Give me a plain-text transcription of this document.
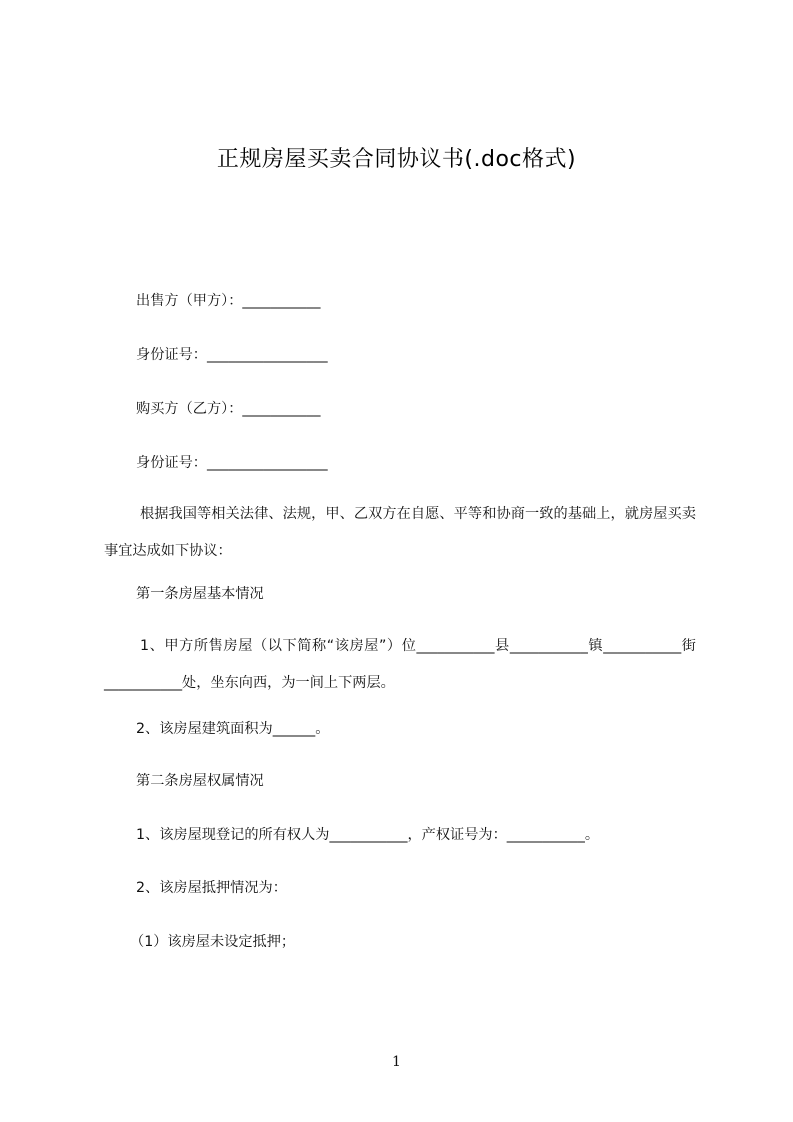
正规房屋买卖合同协议书(.doc格式)
出售方（甲方）：___________
身份证号：_________________
购买方（乙方）：___________
身份证号：_________________
根据我国等相关法律、法规，甲、乙双方在自愿、平等和协商一致的基础上，就房屋买卖事宜达成如下协议：
第一条房屋基本情况
1、甲方所售房屋（以下简称“该房屋”）位___________县___________镇___________街___________处，坐东向西，为一间上下两层。
2、该房屋建筑面积为______。
第二条房屋权属情况
1、该房屋现登记的所有权人为___________，产权证号为：___________。
2、该房屋抵押情况为：
（1）该房屋未设定抵押；
1
